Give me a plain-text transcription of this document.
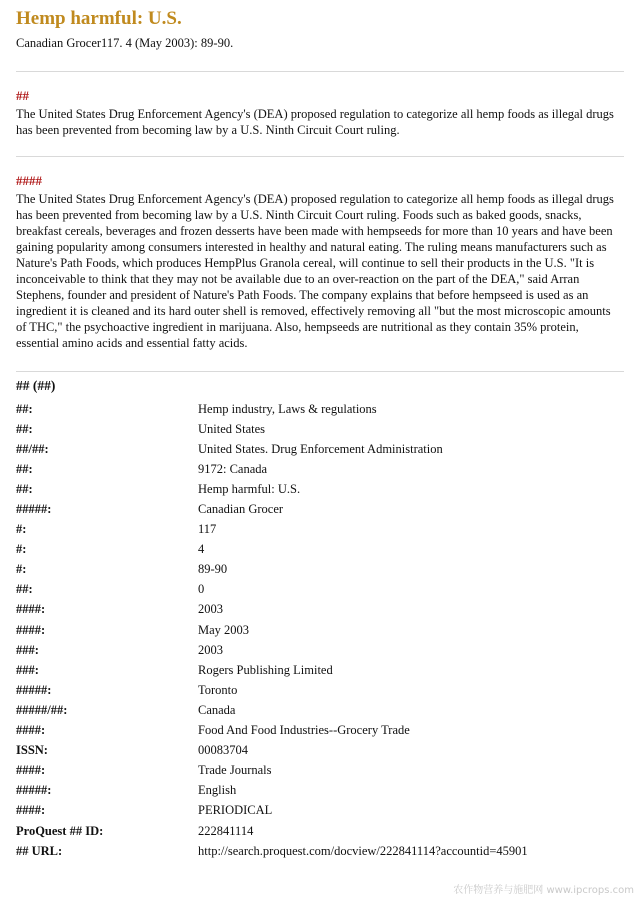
Hemp harmful: U.S.
Canadian Grocer117. 4 (May 2003): 89-90.
##
The United States Drug Enforcement Agency's (DEA) proposed regulation to categorize all hemp foods as illegal drugs has been prevented from becoming law by a U.S. Ninth Circuit Court ruling.
####
The United States Drug Enforcement Agency's (DEA) proposed regulation to categorize all hemp foods as illegal drugs has been prevented from becoming law by a U.S. Ninth Circuit Court ruling. Foods such as baked goods, snacks, breakfast cereals, beverages and frozen desserts have been made with hempseeds for more than 10 years and have been gaining popularity among consumers interested in healthy and natural eating. The ruling means manufacturers such as Nature's Path Foods, which produces HempPlus Granola cereal, will continue to sell their products in the U.S. "It is inconceivable to think that they may not be available due to an over-reaction on the part of the DEA," said Arran Stephens, founder and president of Nature's Path Foods. The company explains that before hempseed is used as an ingredient it is cleaned and its hard outer shell is removed, effectively removing all "but the most microscopic amounts of THC," the psychoactive ingredient in marijuana. Also, hempseeds are nutritional as they contain 35% protein, essential amino acids and essential fatty acids.
## (##)
##:	Hemp industry, Laws & regulations
##:	United States
##/##:	United States. Drug Enforcement Administration
##:	9172: Canada
##:	Hemp harmful: U.S.
#####:	Canadian Grocer
#:	117
#:	4
#:	89-90
##:	0
####:	2003
####:	May 2003
###:	2003
###:	Rogers Publishing Limited
#####:	Toronto
#####/##:	Canada
####:	Food And Food Industries--Grocery Trade
ISSN:	00083704
####:	Trade Journals
#####:	English
####:	PERIODICAL
ProQuest ## ID:	222841114
## URL:	http://search.proquest.com/docview/222841114?accountid=45901
农作物营养与施肥网 www.ipcrops.com
